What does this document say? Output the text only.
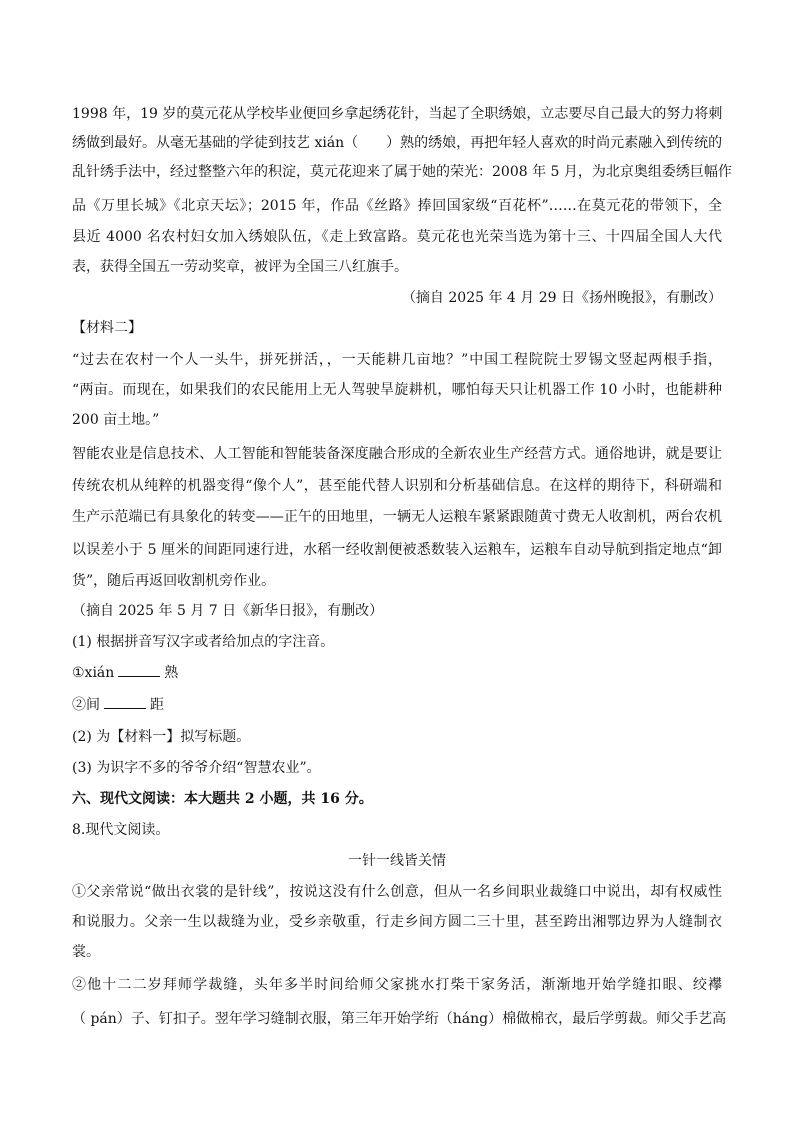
1998 年，19 岁的莫元花从学校毕业便回乡拿起绣花针，当起了全职绣娘，立志要尽自己最大的努力将刺
绣做到最好。从毫无基础的学徒到技艺 xián（　　）熟的绣娘，再把年轻人喜欢的时尚元素融入到传统的
乱针绣手法中，经过整整六年的积淀，莫元花迎来了属于她的荣光：2008 年 5 月，为北京奥组委绣巨幅作
品《万里长城》《北京天坛》；2015 年，作品《丝路》捧回国家级“百花杯”……在莫元花的带领下，全
县近 4000 名农村妇女加入绣娘队伍，《走上致富路。莫元花也光荣当选为第十三、十四届全国人大代
表，获得全国五一劳动奖章，被评为全国三八红旗手。
（摘自 2025 年 4 月 29 日《扬州晚报》，有删改）
【材料二】
“过去在农村一个人一头牛，拼死拼活，，一天能耕几亩地？”中国工程院院士罗锡文竖起两根手指，
“两亩。而现在，如果我们的农民能用上无人驾驶旱旋耕机，哪怕每天只让机器工作 10 小时，也能耕种
200 亩土地。”
智能农业是信息技术、人工智能和智能装备深度融合形成的全新农业生产经营方式。通俗地讲，就是要让
传统农机从纯粹的机器变得“像个人”，甚至能代替人识别和分析基础信息。在这样的期待下，科研端和
生产示范端已有具象化的转变——正午的田地里，一辆无人运粮车紧紧跟随黄寸费无人收割机，两台农机
以误差小于 5 厘米的间距同速行进，水稻一经收割便被悉数装入运粮车，运粮车自动导航到指定地点“卸
货”，随后再返回收割机旁作业。
（摘自 2025 年 5 月 7 日《新华日报》，有删改）
(1) 根据拼音写汉字或者给加点的字注音。
①xián	熟
②间	距
(2) 为【材料一】拟写标题。
(3) 为识字不多的爷爷介绍“智慧农业”。
六、现代文阅读：本大题共 2 小题，共 16 分。
8.现代文阅读。
一针一线皆关情
①父亲常说“做出衣裳的是针线”，按说这没有什么创意，但从一名乡间职业裁缝口中说出，却有权威性
和说服力。父亲一生以裁缝为业，受乡亲敬重，行走乡间方圆二三十里，甚至跨出湘鄂边界为人缝制衣
裳。
②他十二二岁拜师学裁缝，头年多半时间给师父家挑水打柴干家务活，渐渐地开始学缝扣眼、绞襻
（ pán）子、钉扣子。翌年学习缝制衣服，第三年开始学绗（háng）棉做棉衣，最后学剪裁。师父手艺高
